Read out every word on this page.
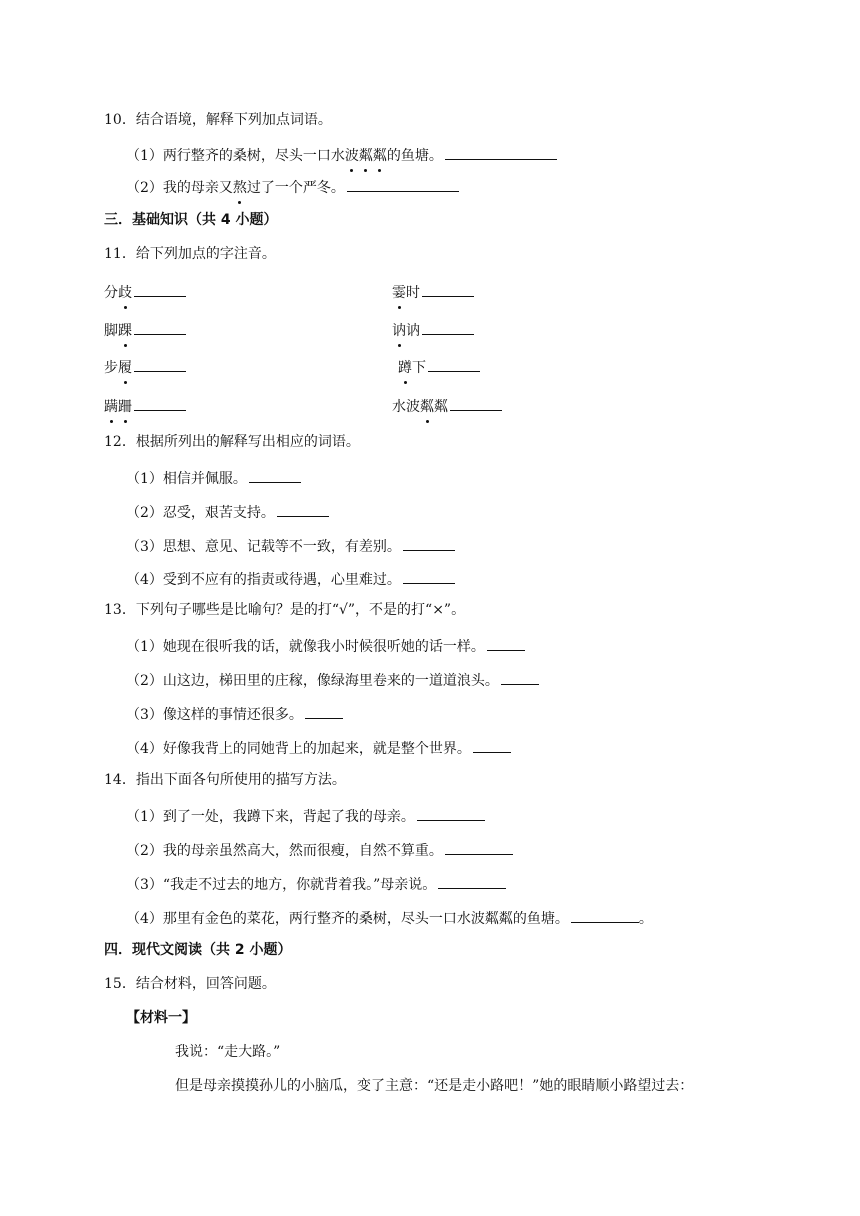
10．结合语境，解释下列加点词语。
（1）两行整齐的桑树，尽头一口水波粼粼的鱼塘。
（2）我的母亲又熬过了一个严冬。
三．基础知识（共 4 小题）
11．给下列加点的字注音。
分歧	霎时
脚踝	讷讷
步履	蹲下
蹒跚	水波粼粼
12．根据所列出的解释写出相应的词语。
（1）相信并佩服。
（2）忍受，艰苦支持。
（3）思想、意见、记载等不一致，有差别。
（4）受到不应有的指责或待遇，心里难过。
13．下列句子哪些是比喻句？是的打“√”，不是的打“×”。
（1）她现在很听我的话，就像我小时候很听她的话一样。
（2）山这边，梯田里的庄稼，像绿海里卷来的一道道浪头。
（3）像这样的事情还很多。
（4）好像我背上的同她背上的加起来，就是整个世界。
14．指出下面各句所使用的描写方法。
（1）到了一处，我蹲下来，背起了我的母亲。
（2）我的母亲虽然高大，然而很瘦，自然不算重。
（3）“我走不过去的地方，你就背着我。”母亲说。
（4）那里有金色的菜花，两行整齐的桑树，尽头一口水波粼粼的鱼塘。	。
四．现代文阅读（共 2 小题）
15．结合材料，回答问题。
【材料一】
我说：“走大路。”
但是母亲摸摸孙儿的小脑瓜，变了主意：“还是走小路吧！”她的眼睛顺小路望过去：
